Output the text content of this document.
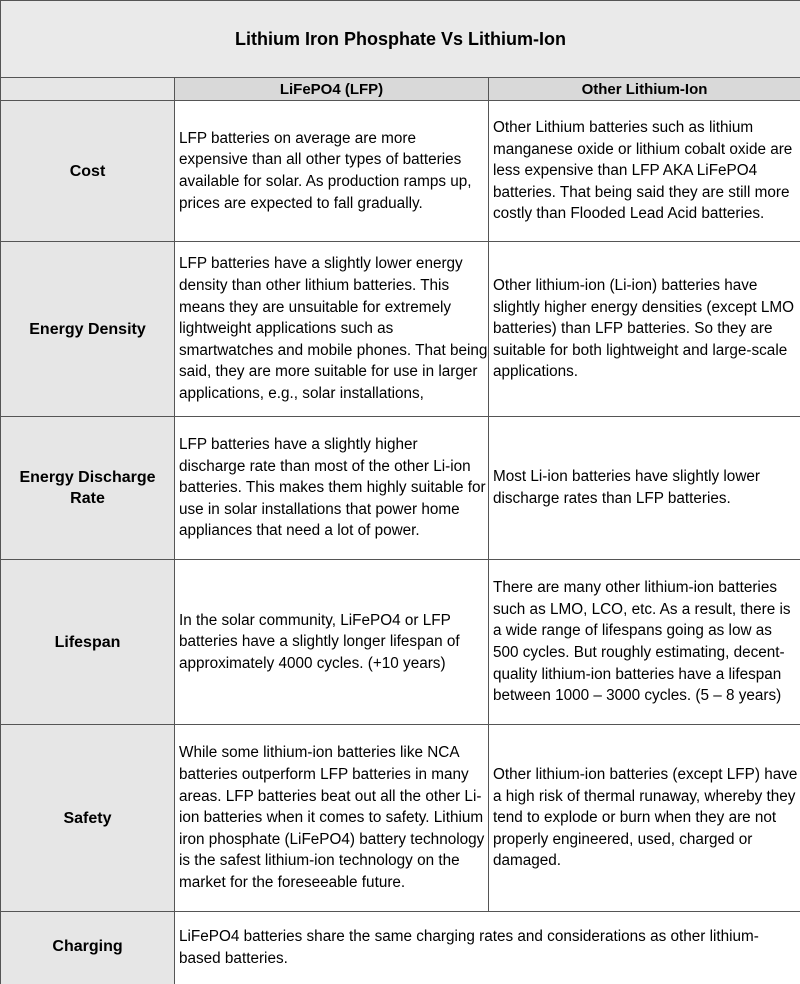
Lithium Iron Phosphate Vs Lithium-Ion		
	LiFePO4 (LFP)	Other Lithium-Ion
Cost	LFP batteries on average are more expensive than all other types of batteries available for solar. As production ramps up, prices are expected to fall gradually.	Other Lithium batteries such as lithium manganese oxide or lithium cobalt oxide are less expensive than LFP AKA LiFePO4 batteries. That being said they are still more costly than Flooded Lead Acid batteries.
Energy Density	LFP batteries have a slightly lower energy density than other lithium batteries. This means they are unsuitable for extremely lightweight applications such as smartwatches and mobile phones. That being said, they are more suitable for use in larger applications, e.g., solar installations,	Other lithium-ion (Li-ion) batteries have slightly higher energy densities (except LMO batteries) than LFP batteries. So they are suitable for both lightweight and large-scale applications.
Energy Discharge Rate	LFP batteries have a slightly higher discharge rate than most of the other Li-ion batteries. This makes them highly suitable for use in solar installations that power home appliances that need a lot of power.	Most Li-ion batteries have slightly lower discharge rates than LFP batteries.
Lifespan	In the solar community, LiFePO4 or LFP batteries have a slightly longer lifespan of approximately 4000 cycles. (+10 years)	There are many other lithium-ion batteries such as LMO, LCO, etc. As a result, there is a wide range of lifespans going as low as 500 cycles. But roughly estimating, decent-quality lithium-ion batteries have a lifespan between 1000 – 3000 cycles. (5 – 8 years)
Safety	While some lithium-ion batteries like NCA batteries outperform LFP batteries in many areas. LFP batteries beat out all the other Li-ion batteries when it comes to safety. Lithium iron phosphate (LiFePO4) battery technology is the safest lithium-ion technology on the market for the foreseeable future.	Other lithium-ion batteries (except LFP) have a high risk of thermal runaway, whereby they tend to explode or burn when they are not properly engineered, used, charged or damaged.
Charging	LiFePO4 batteries share the same charging rates and considerations as other lithium-based batteries.	
